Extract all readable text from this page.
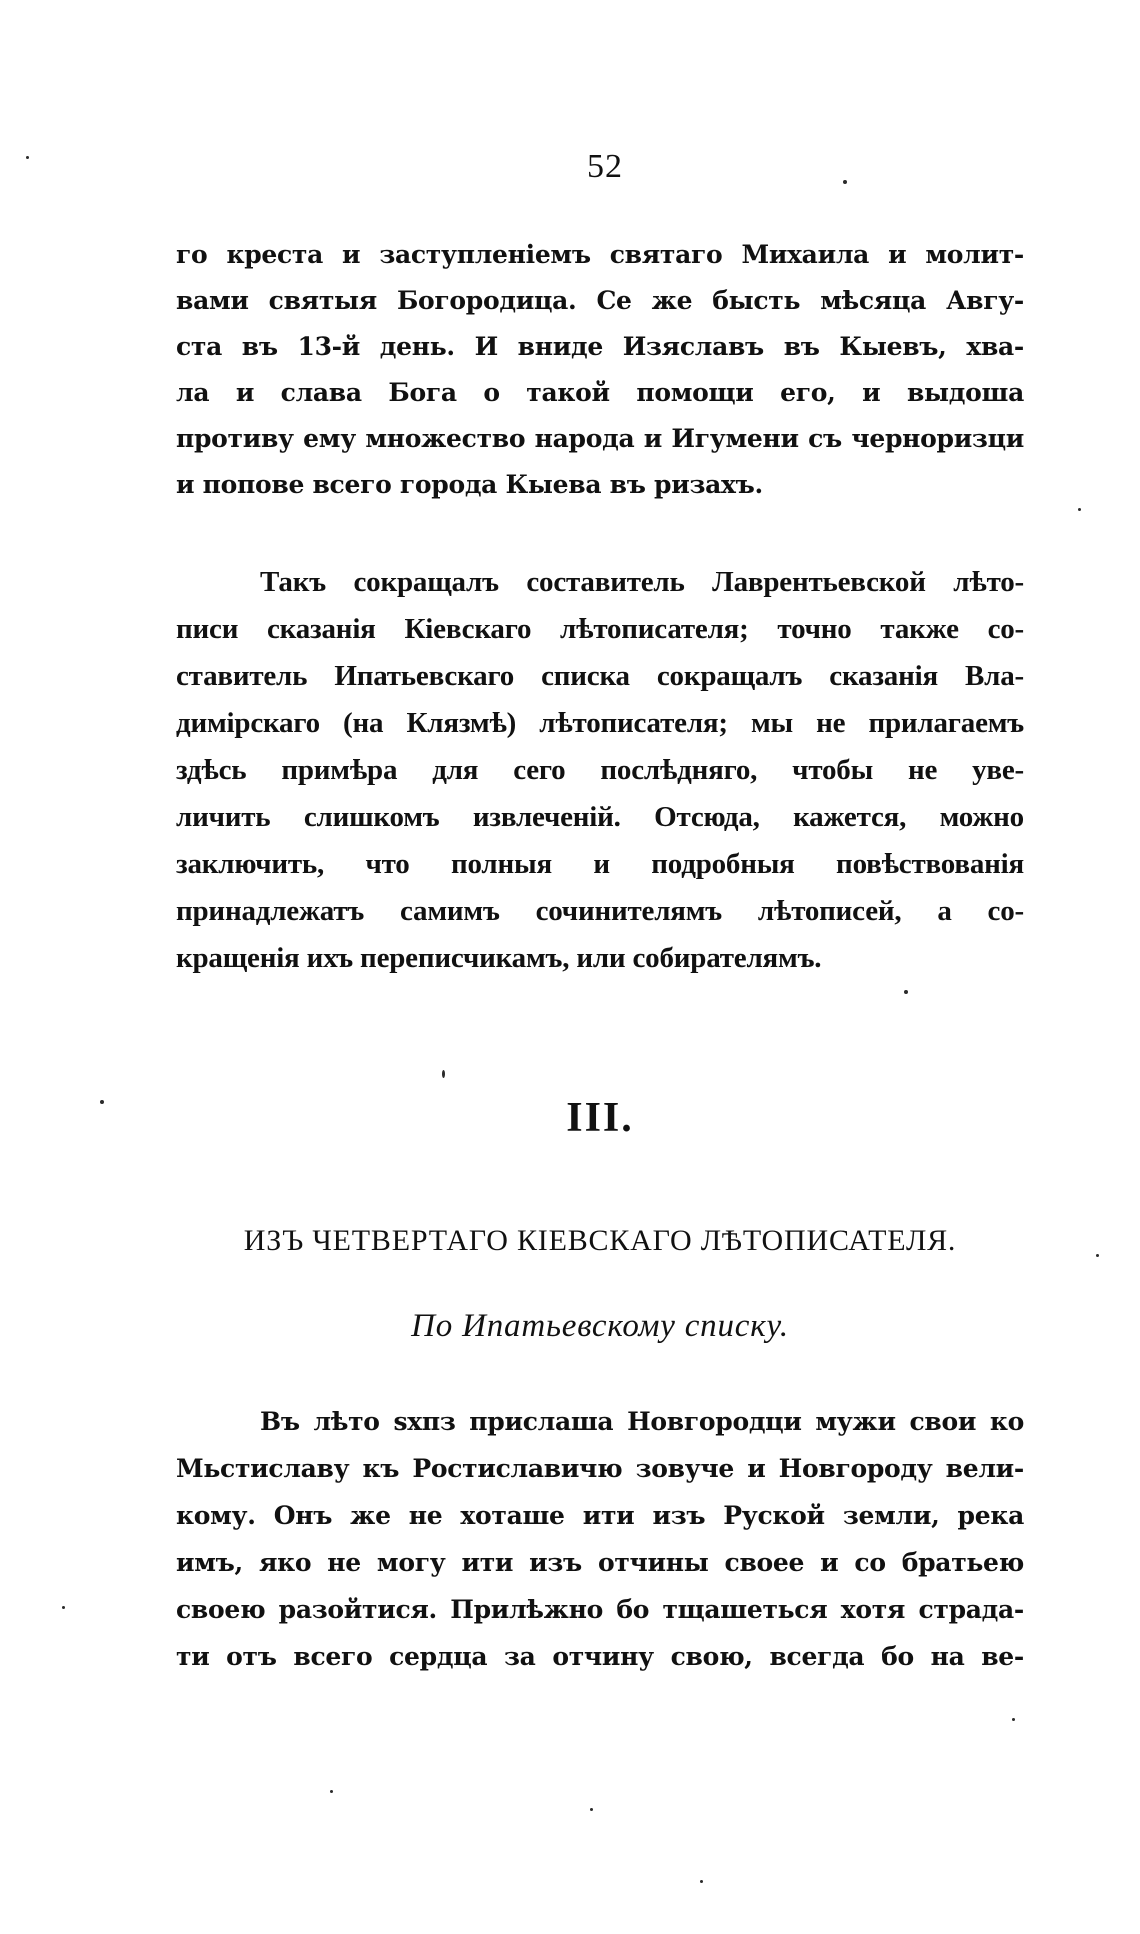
52
го креста и заступленіемъ святаго Михаила и молит-
вами святыя Богородица. Се же бысть мѣсяца Авгу-
ста въ 13-й день. И вниде Изяславъ въ Кыевъ, хва-
ла и слава Бога о такой помощи его, и выдоша
противу ему множество народа и Игумени съ черноризци
и попове всего города Кыева въ ризахъ.
Такъ сокращалъ составитель Лаврентьевской лѣто-
писи сказанія Кіевскаго лѣтописателя; точно также со-
ставитель Ипатьевскаго списка сокращалъ сказанія Вла-
димірскаго (на Клязмѣ) лѣтописателя; мы не прилагаемъ
здѣсь примѣра для сего послѣдняго, чтобы не уве-
личить слишкомъ извлеченій. Отсюда, кажется, можно
заключить, что полныя и подробныя повѣствованія
принадлежатъ самимъ сочинителямъ лѣтописей, а со-
кращенія ихъ переписчикамъ, или собирателямъ.
III.
ИЗЪ ЧЕТВЕРТАГО КІЕВСКАГО ЛѢТОПИСАТЕЛЯ.
По Ипатьевскому списку.
Въ лѣто ѕхпз прислаша Новгородци мужи свои ко
Мьстиславу къ Ростиславичю зовуче и Новгороду вели-
кому. Онъ же не хоташе ити изъ Руской земли, река
имъ, яко не могу ити изъ отчины своее и со братьею
своею разойтися. Прилѣжно бо тщашеться хотя страда-
ти отъ всего сердца за отчину свою, всегда бо на ве-
